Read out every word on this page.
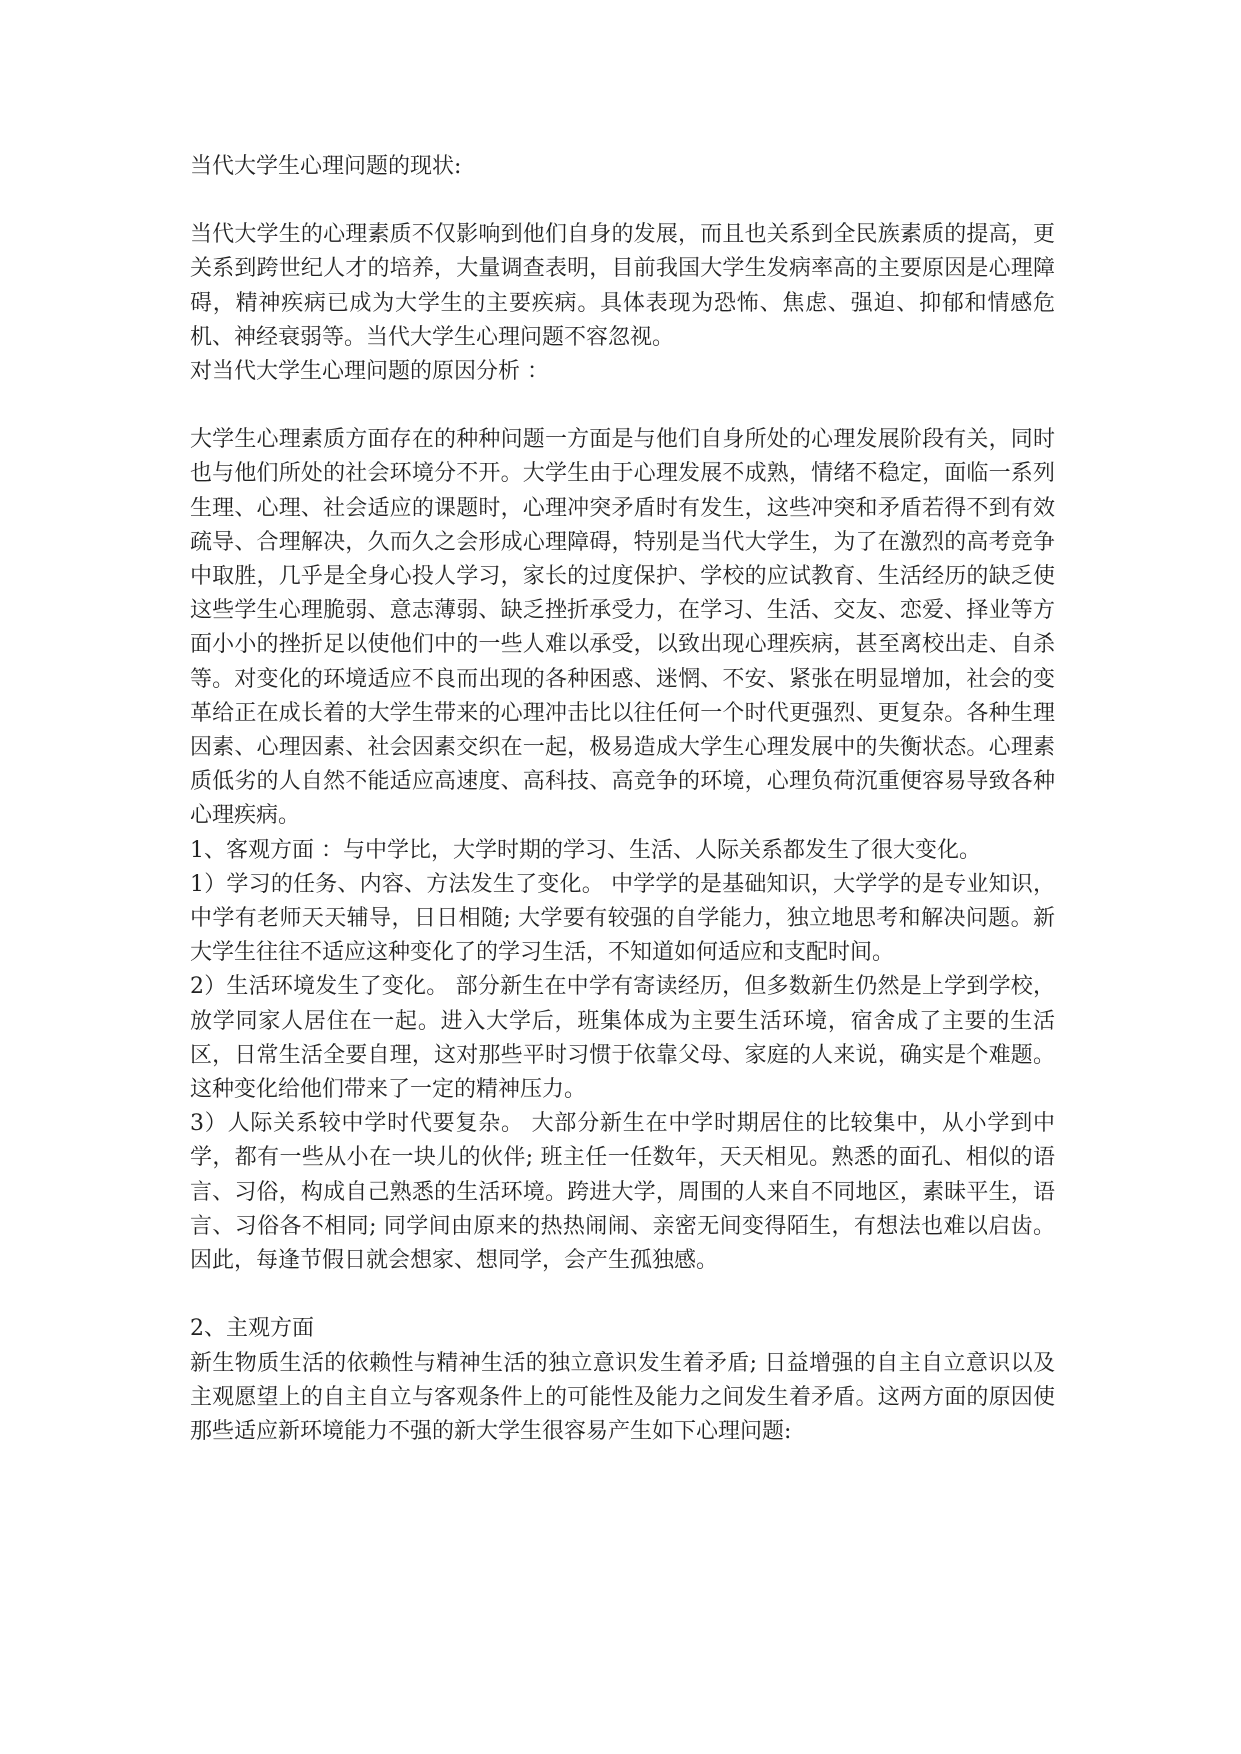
当代大学生心理问题的现状:

当代大学生的心理素质不仅影响到他们自身的发展，而且也关系到全民族素质的提高，更关系到跨世纪人才的培养，大量调查表明，目前我国大学生发病率高的主要原因是心理障碍，精神疾病已成为大学生的主要疾病。具体表现为恐怖、焦虑、强迫、抑郁和情感危机、神经衰弱等。当代大学生心理问题不容忽视。

对当代大学生心理问题的原因分析 ：

大学生心理素质方面存在的种种问题一方面是与他们自身所处的心理发展阶段有关，同时也与他们所处的社会环境分不开。大学生由于心理发展不成熟，情绪不稳定，面临一系列生理、心理、社会适应的课题时，心理冲突矛盾时有发生，这些冲突和矛盾若得不到有效疏导、合理解决，久而久之会形成心理障碍，特别是当代大学生，为了在激烈的高考竞争中取胜，几乎是全身心投人学习，家长的过度保护、学校的应试教育、生活经历的缺乏使这些学生心理脆弱、意志薄弱、缺乏挫折承受力，在学习、生活、交友、恋爱、择业等方面小小的挫折足以使他们中的一些人难以承受，以致出现心理疾病，甚至离校出走、自杀等。对变化的环境适应不良而出现的各种困惑、迷惘、不安、紧张在明显增加，社会的变革给正在成长着的大学生带来的心理冲击比以往任何一个时代更强烈、更复杂。各种生理因素、心理因素、社会因素交织在一起，极易造成大学生心理发展中的失衡状态。心理素质低劣的人自然不能适应高速度、高科技、高竞争的环境，心理负荷沉重便容易导致各种心理疾病。

1、客观方面 ：与中学比，大学时期的学习、生活、人际关系都发生了很大变化。

1）学习的任务、内容、方法发生了变化。 中学学的是基础知识，大学学的是专业知识，中学有老师天天辅导，日日相随; 大学要有较强的自学能力，独立地思考和解决问题。新大学生往往不适应这种变化了的学习生活，不知道如何适应和支配时间。

2）生活环境发生了变化。 部分新生在中学有寄读经历，但多数新生仍然是上学到学校，放学同家人居住在一起。进入大学后，班集体成为主要生活环境，宿舍成了主要的生活区，日常生活全要自理，这对那些平时习惯于依靠父母、家庭的人来说，确实是个难题。这种变化给他们带来了一定的精神压力。

3）人际关系较中学时代要复杂。 大部分新生在中学时期居住的比较集中，从小学到中学，都有一些从小在一块儿的伙伴; 班主任一任数年，天天相见。熟悉的面孔、相似的语言、习俗，构成自己熟悉的生活环境。跨进大学，周围的人来自不同地区，素昧平生，语言、习俗各不相同; 同学间由原来的热热闹闹、亲密无间变得陌生，有想法也难以启齿。因此，每逢节假日就会想家、想同学，会产生孤独感。

2、主观方面

新生物质生活的依赖性与精神生活的独立意识发生着矛盾; 日益增强的自主自立意识以及主观愿望上的自主自立与客观条件上的可能性及能力之间发生着矛盾。这两方面的原因使那些适应新环境能力不强的新大学生很容易产生如下心理问题:
